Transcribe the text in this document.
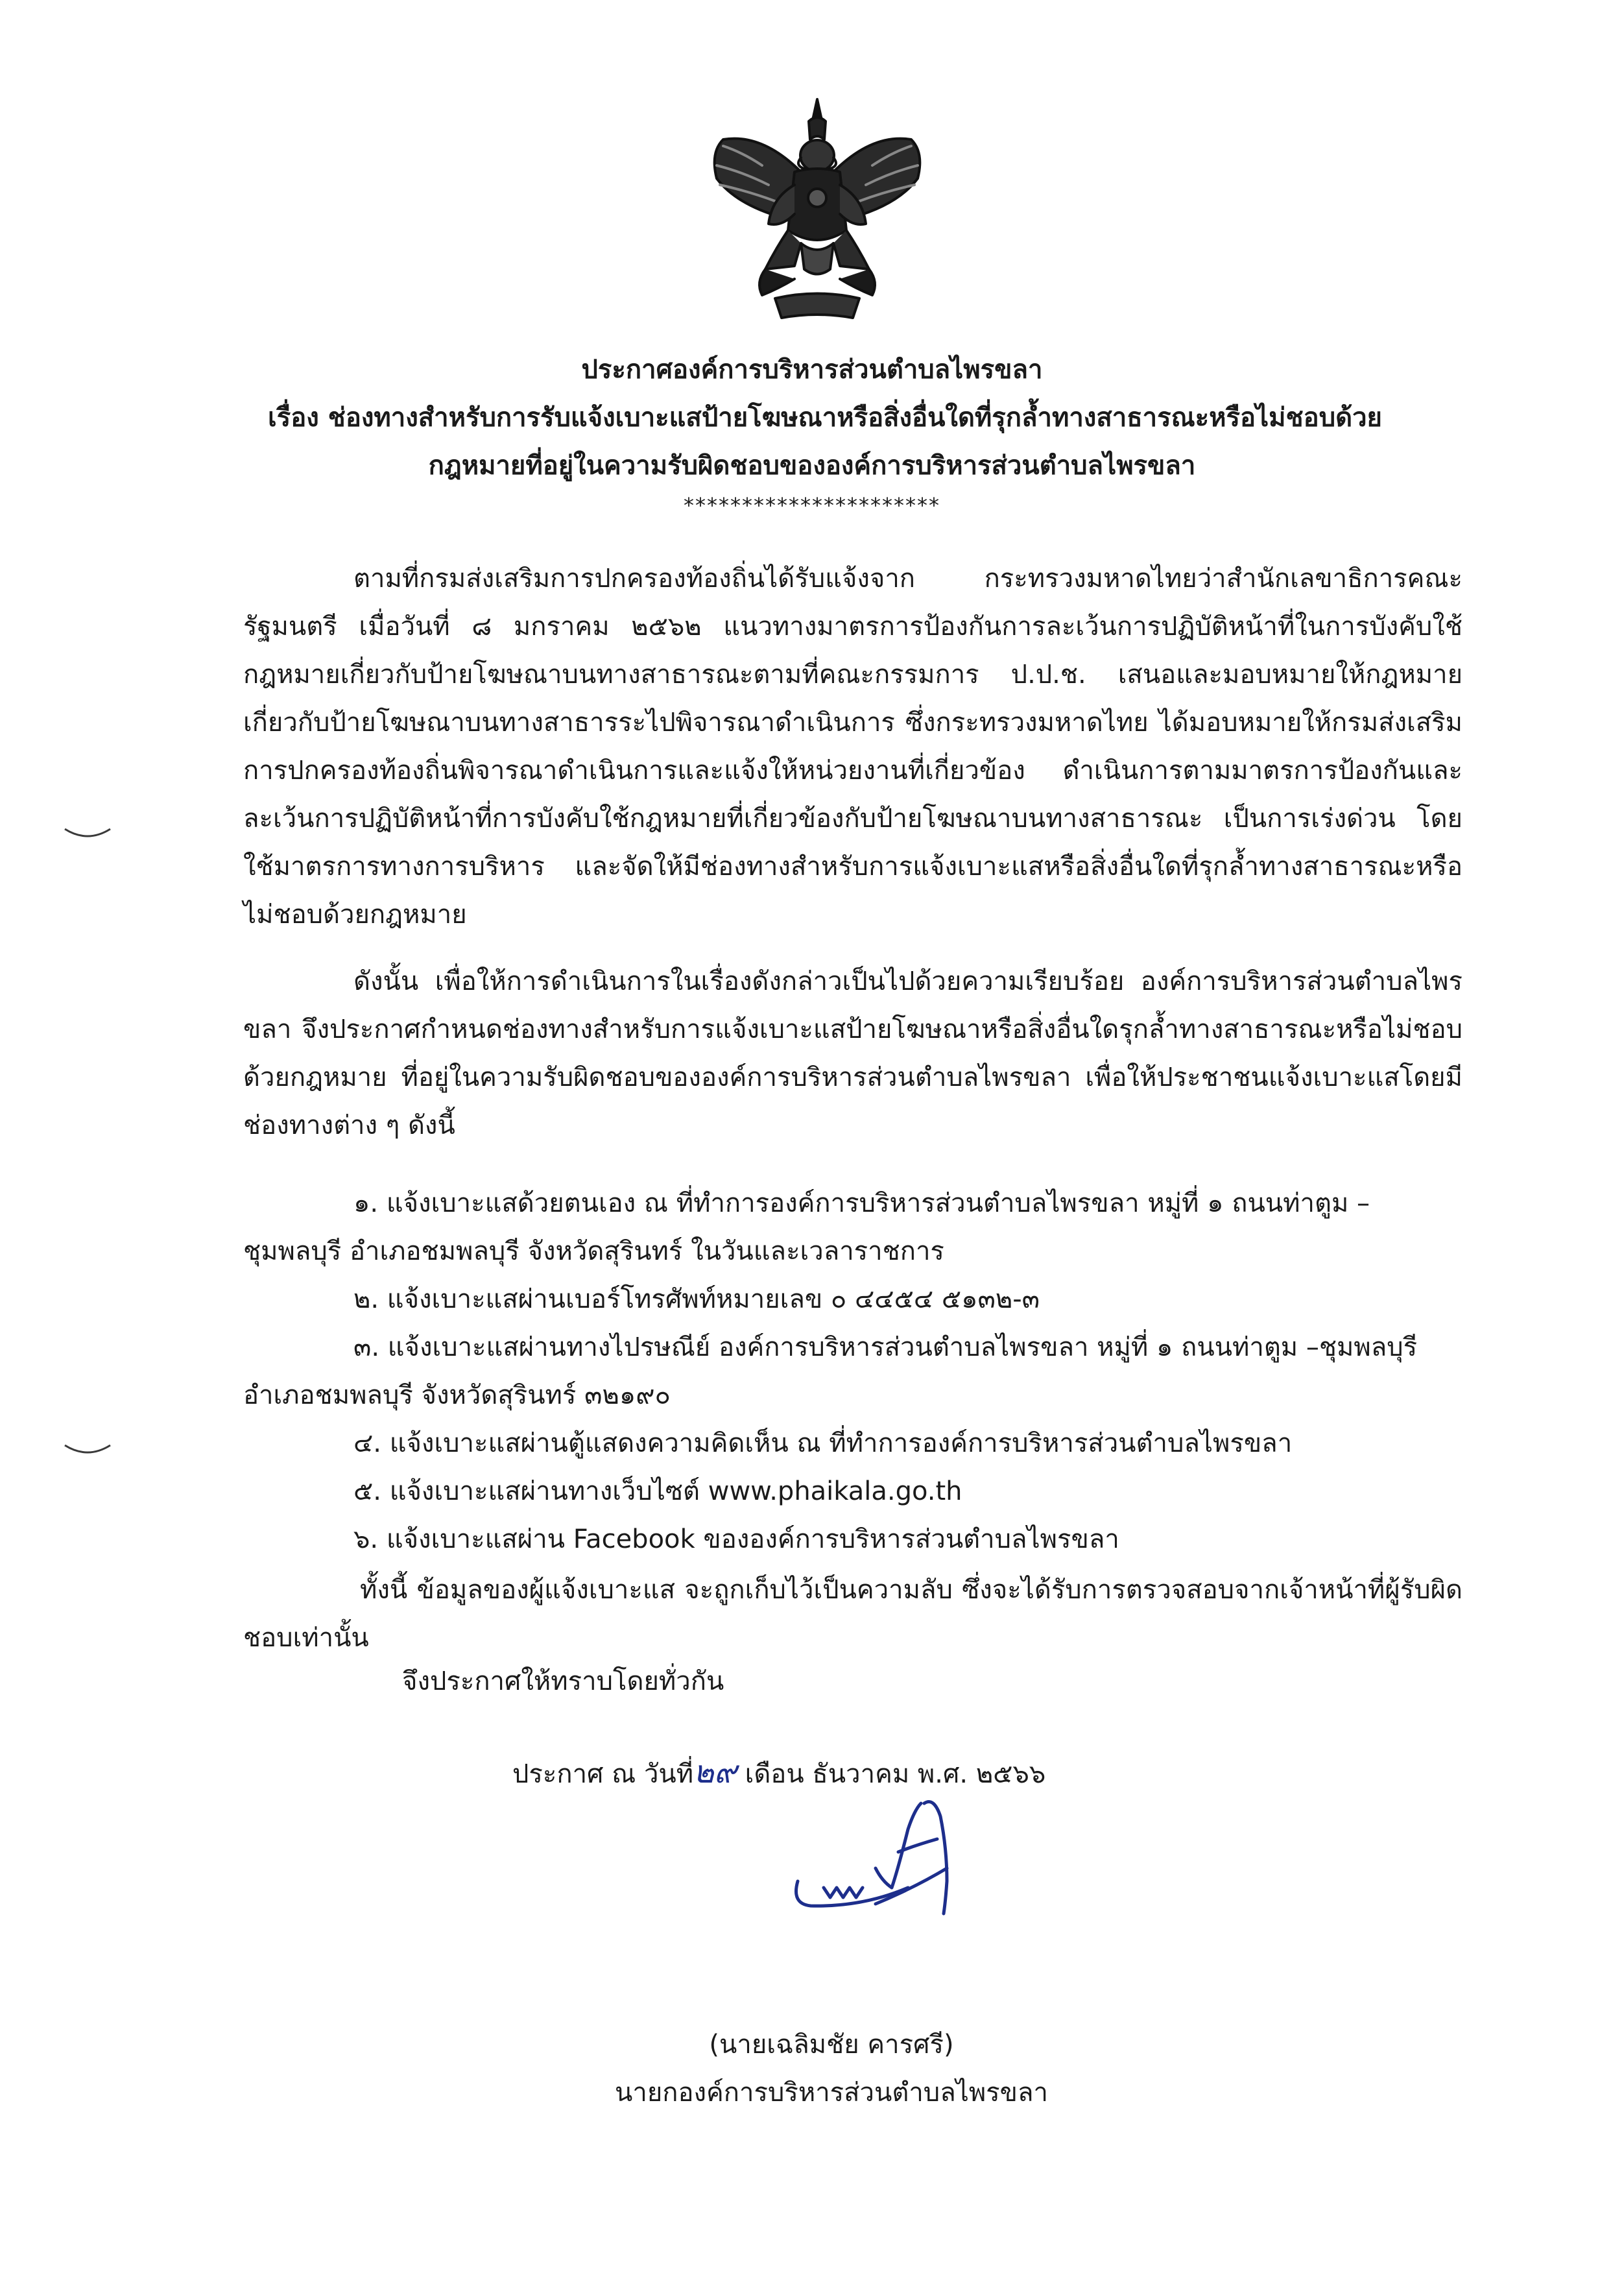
ประกาศองค์การบริหารส่วนตำบลไพรขลา
เรื่อง ช่องทางสำหรับการรับแจ้งเบาะแสป้ายโฆษณาหรือสิ่งอื่นใดที่รุกล้ำทางสาธารณะหรือไม่ชอบด้วย
กฎหมายที่อยู่ในความรับผิดชอบขององค์การบริหารส่วนตำบลไพรขลา
**********************

ตามที่กรมส่งเสริมการปกครองท้องถิ่นได้รับแจ้งจาก กระทรวงมหาดไทยว่าสำนักเลขาธิการคณะรัฐมนตรี เมื่อวันที่ ๘ มกราคม ๒๕๖๒ แนวทางมาตรการป้องกันการละเว้นการปฏิบัติหน้าที่ในการบังคับใช้กฎหมายเกี่ยวกับป้ายโฆษณาบนทางสาธารณะตามที่คณะกรรมการ ป.ป.ช. เสนอและมอบหมายให้กฎหมายเกี่ยวกับป้ายโฆษณาบนทางสาธารระไปพิจารณาดำเนินการ ซึ่งกระทรวงมหาดไทย ได้มอบหมายให้กรมส่งเสริมการปกครองท้องถิ่นพิจารณาดำเนินการและแจ้งให้หน่วยงานที่เกี่ยวข้อง ดำเนินการตามมาตรการป้องกันและละเว้นการปฏิบัติหน้าที่การบังคับใช้กฎหมายที่เกี่ยวข้องกับป้ายโฆษณาบนทางสาธารณะ เป็นการเร่งด่วน โดยใช้มาตรการทางการบริหาร และจัดให้มีช่องทางสำหรับการแจ้งเบาะแสหรือสิ่งอื่นใดที่รุกล้ำทางสาธารณะหรือไม่ชอบด้วยกฎหมาย

ดังนั้น เพื่อให้การดำเนินการในเรื่องดังกล่าวเป็นไปด้วยความเรียบร้อย องค์การบริหารส่วนตำบลไพรขลา จึงประกาศกำหนดช่องทางสำหรับการแจ้งเบาะแสป้ายโฆษณาหรือสิ่งอื่นใดรุกล้ำทางสาธารณะหรือไม่ชอบด้วยกฎหมาย ที่อยู่ในความรับผิดชอบขององค์การบริหารส่วนตำบลไพรขลา เพื่อให้ประชาชนแจ้งเบาะแสโดยมีช่องทางต่าง ๆ ดังนี้

๑. แจ้งเบาะแสด้วยตนเอง ณ ที่ทำการองค์การบริหารส่วนตำบลไพรขลา หมู่ที่ ๑ ถนนท่าตูม – ชุมพลบุรี อำเภอชมพลบุรี จังหวัดสุรินทร์ ในวันและเวลาราชการ

๒. แจ้งเบาะแสผ่านเบอร์โทรศัพท์หมายเลข ๐ ๔๔๕๔ ๕๑๓๒-๓

๓. แจ้งเบาะแสผ่านทางไปรษณีย์ องค์การบริหารส่วนตำบลไพรขลา หมู่ที่ ๑ ถนนท่าตูม –ชุมพลบุรี อำเภอชมพลบุรี จังหวัดสุรินทร์ ๓๒๑๙๐

๔. แจ้งเบาะแสผ่านตู้แสดงความคิดเห็น ณ ที่ทำการองค์การบริหารส่วนตำบลไพรขลา

๕. แจ้งเบาะแสผ่านทางเว็บไซต์ www.phaikala.go.th

๖. แจ้งเบาะแสผ่าน Facebook ขององค์การบริหารส่วนตำบลไพรขลา

ทั้งนี้ ข้อมูลของผู้แจ้งเบาะแส จะถูกเก็บไว้เป็นความลับ ซึ่งจะได้รับการตรวจสอบจากเจ้าหน้าที่ผู้รับผิดชอบเท่านั้น

จึงประกาศให้ทราบโดยทั่วกัน
ประกาศ ณ วันที่๒๙ เดือน ธันวาคม พ.ศ. ๒๕๖๖
(นายเฉลิมชัย คารศรี)
นายกองค์การบริหารส่วนตำบลไพรขลา
